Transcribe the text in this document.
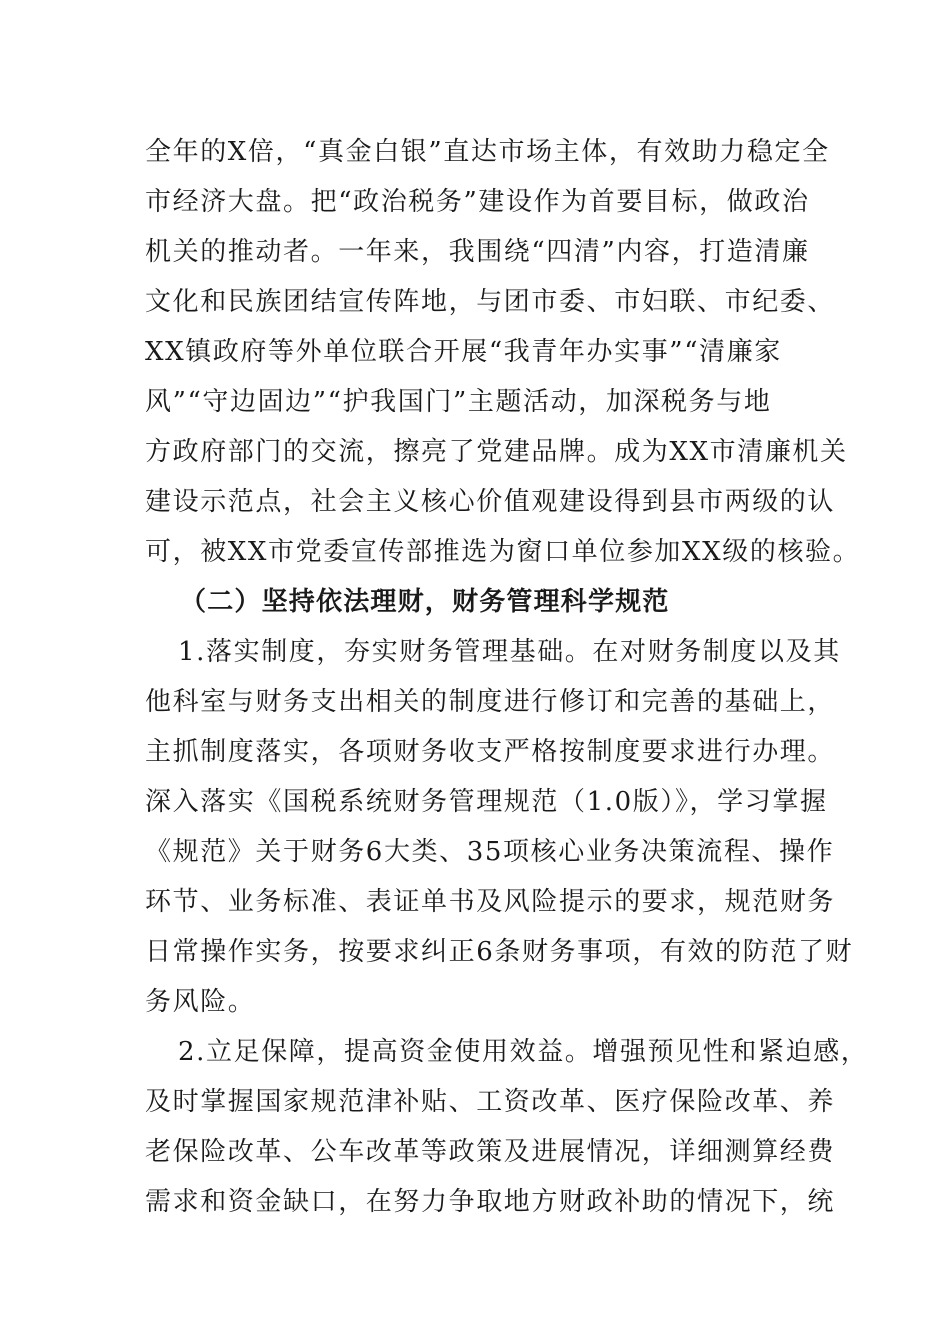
全年的X倍，“真金白银”直达市场主体，有效助力稳定全
市经济大盘。把“政治税务”建设作为首要目标，做政治
机关的推动者。一年来，我围绕“四清”内容，打造清廉
文化和民族团结宣传阵地，与团市委、市妇联、市纪委、
XX镇政府等外单位联合开展“我青年办实事”“清廉家
风”“守边固边”“护我国门”主题活动，加深税务与地
方政府部门的交流，擦亮了党建品牌。成为XX市清廉机关
建设示范点，社会主义核心价值观建设得到县市两级的认
可，被XX市党委宣传部推选为窗口单位参加XX级的核验。
（二）坚持依法理财，财务管理科学规范
1.落实制度，夯实财务管理基础。在对财务制度以及其
他科室与财务支出相关的制度进行修订和完善的基础上，
主抓制度落实，各项财务收支严格按制度要求进行办理。
深入落实《国税系统财务管理规范（1.0版）》，学习掌握
《规范》关于财务6大类、35项核心业务决策流程、操作
环节、业务标准、表证单书及风险提示的要求，规范财务
日常操作实务，按要求纠正6条财务事项，有效的防范了财
务风险。
2.立足保障，提高资金使用效益。增强预见性和紧迫感，
及时掌握国家规范津补贴、工资改革、医疗保险改革、养
老保险改革、公车改革等政策及进展情况，详细测算经费
需求和资金缺口，在努力争取地方财政补助的情况下，统
